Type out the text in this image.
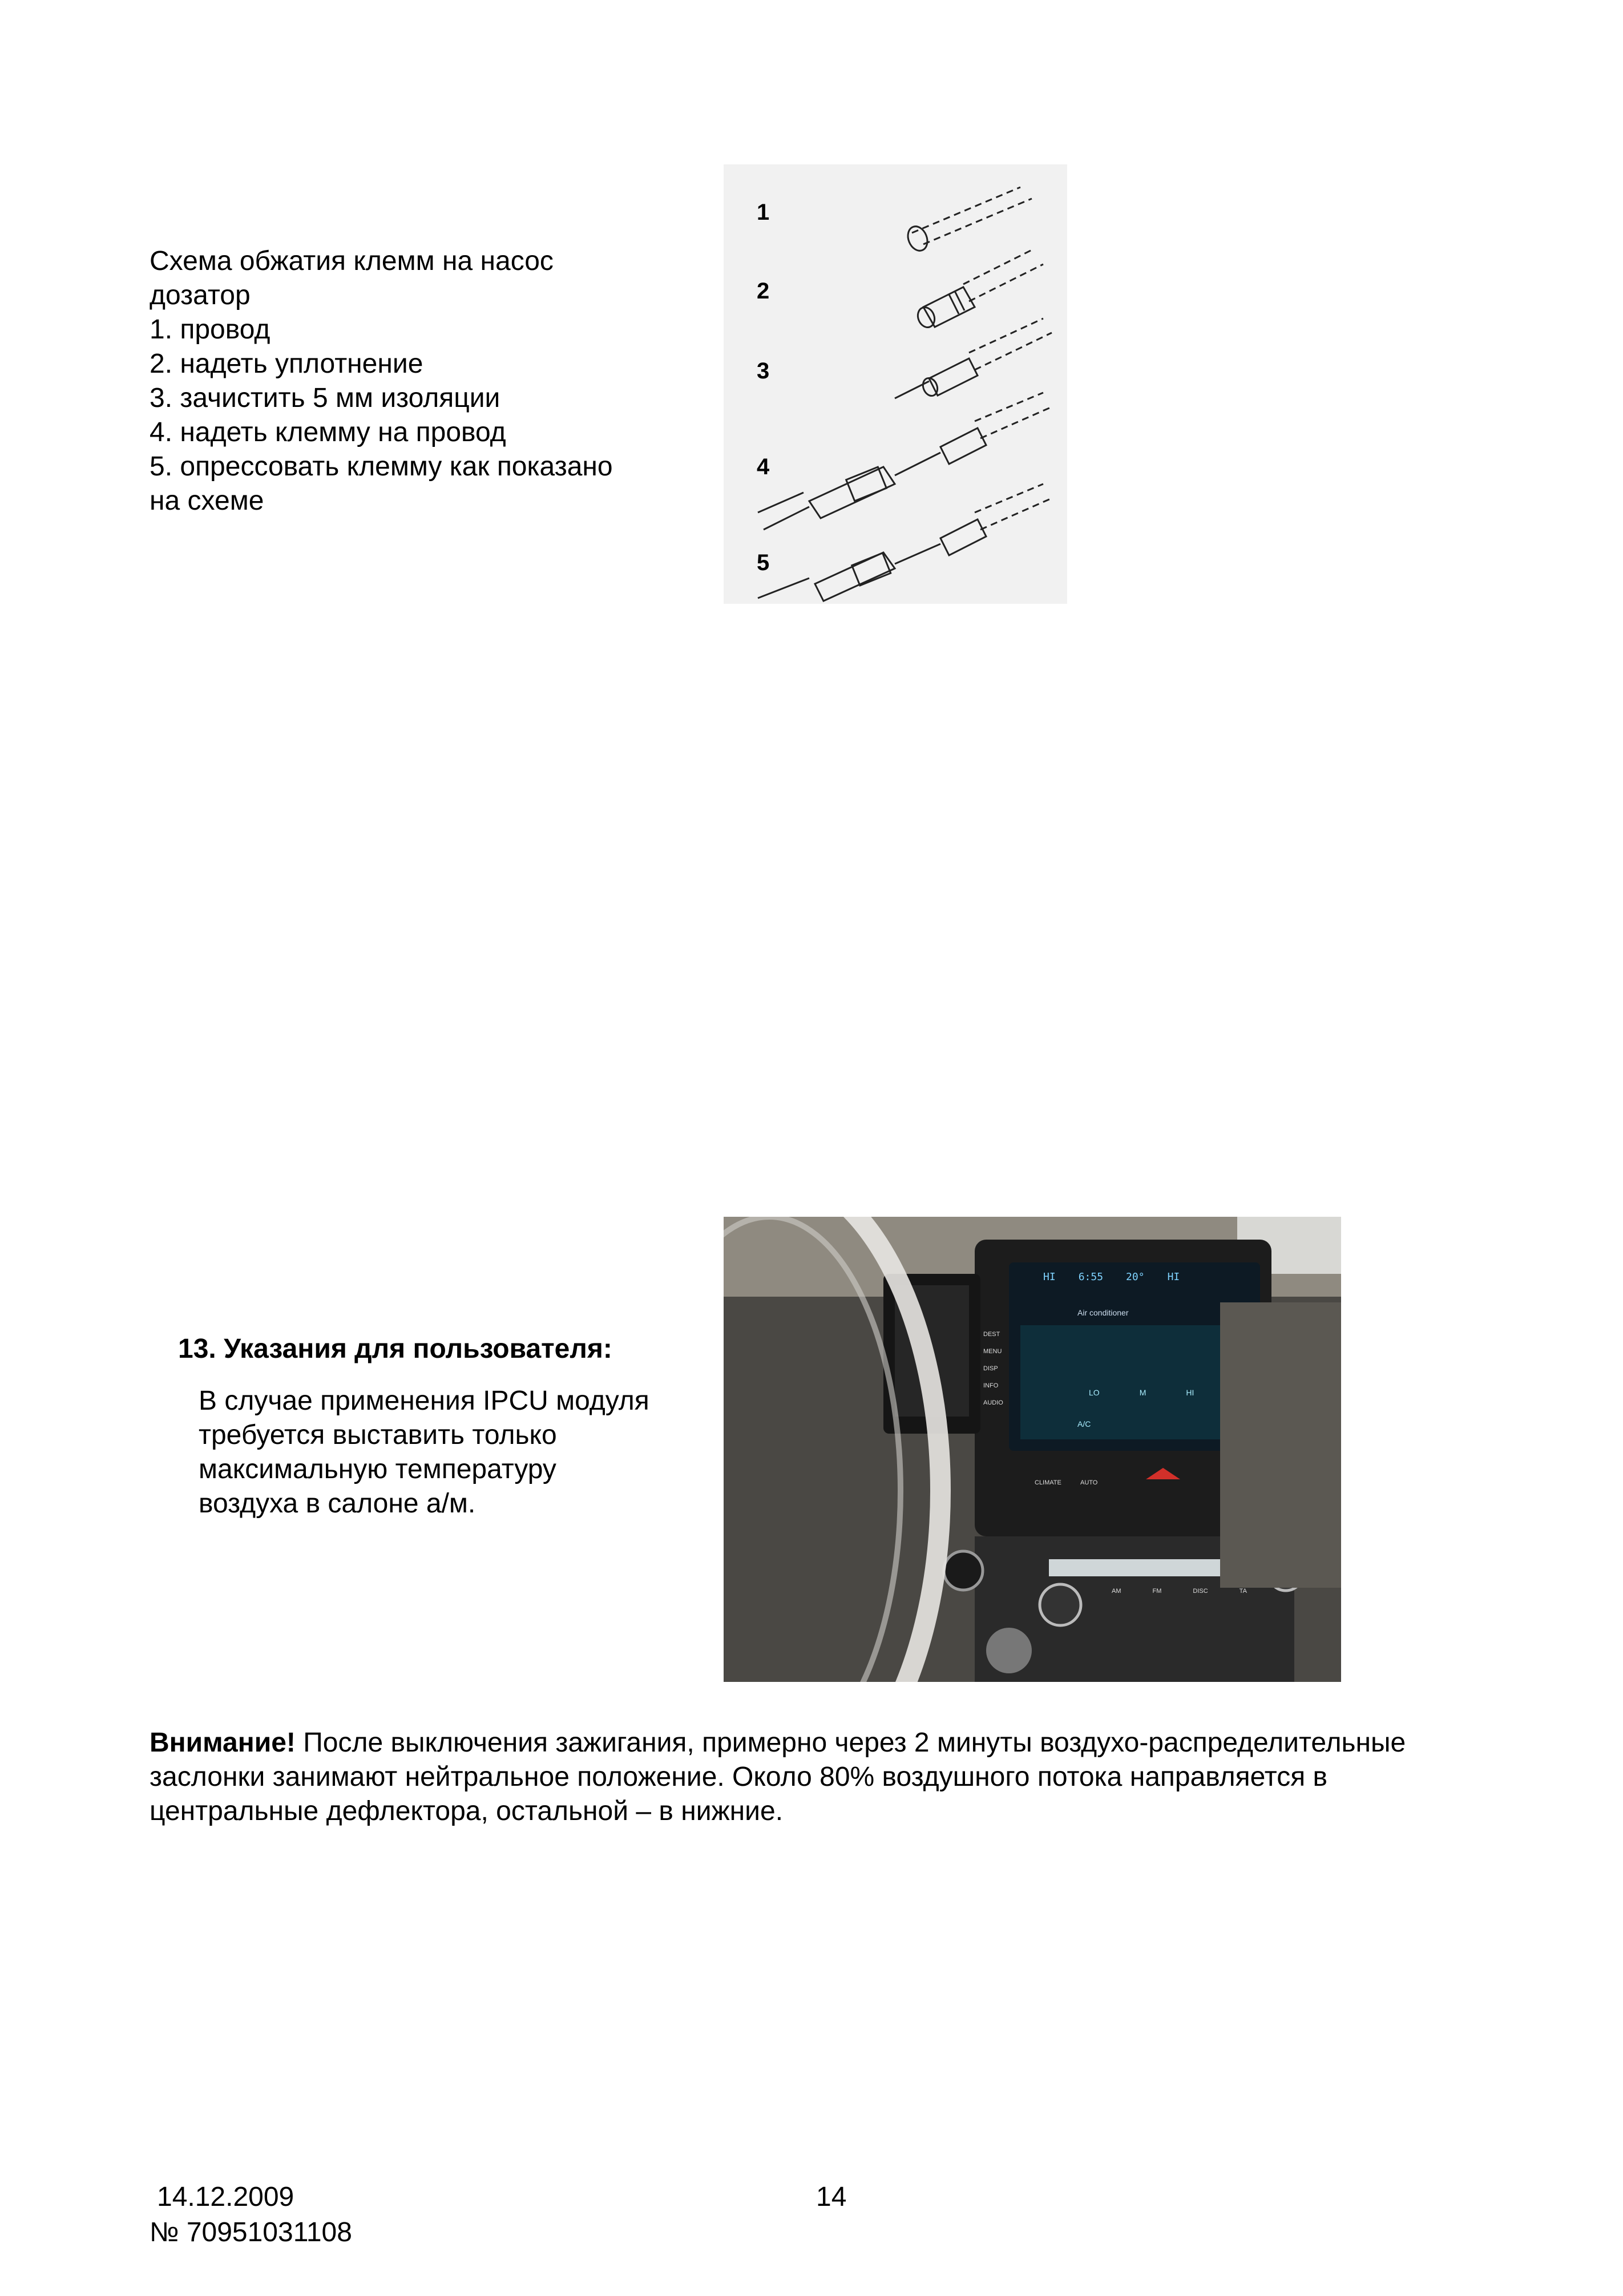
Схема обжатия клемм на насос
дозатор
1. провод
2. надеть уплотнение
3. зачистить 5 мм изоляции
4. надеть клемму на провод
5. опрессовать клемму как показано
на схеме
1
2
3
4
5
HI 6:55 20° HI
Air conditioner
DEST
MENU
DISP
INFO
AUDIO
LO	M	HI
A/C
CLIMATE	AUTO
AM	FM	DISC	TA
13. Указания для пользователя:
В случае применения IPCU модуля
требуется выставить только
максимальную температуру
воздуха в салоне а/м.
Внимание! После выключения зажигания, примерно через 2 минуты воздухо-распределительные
заслонки занимают нейтральное положение. Около 80% воздушного потока направляется в
центральные дефлектора, остальной – в нижние.
14.12.2009
№ 70951031108
14
